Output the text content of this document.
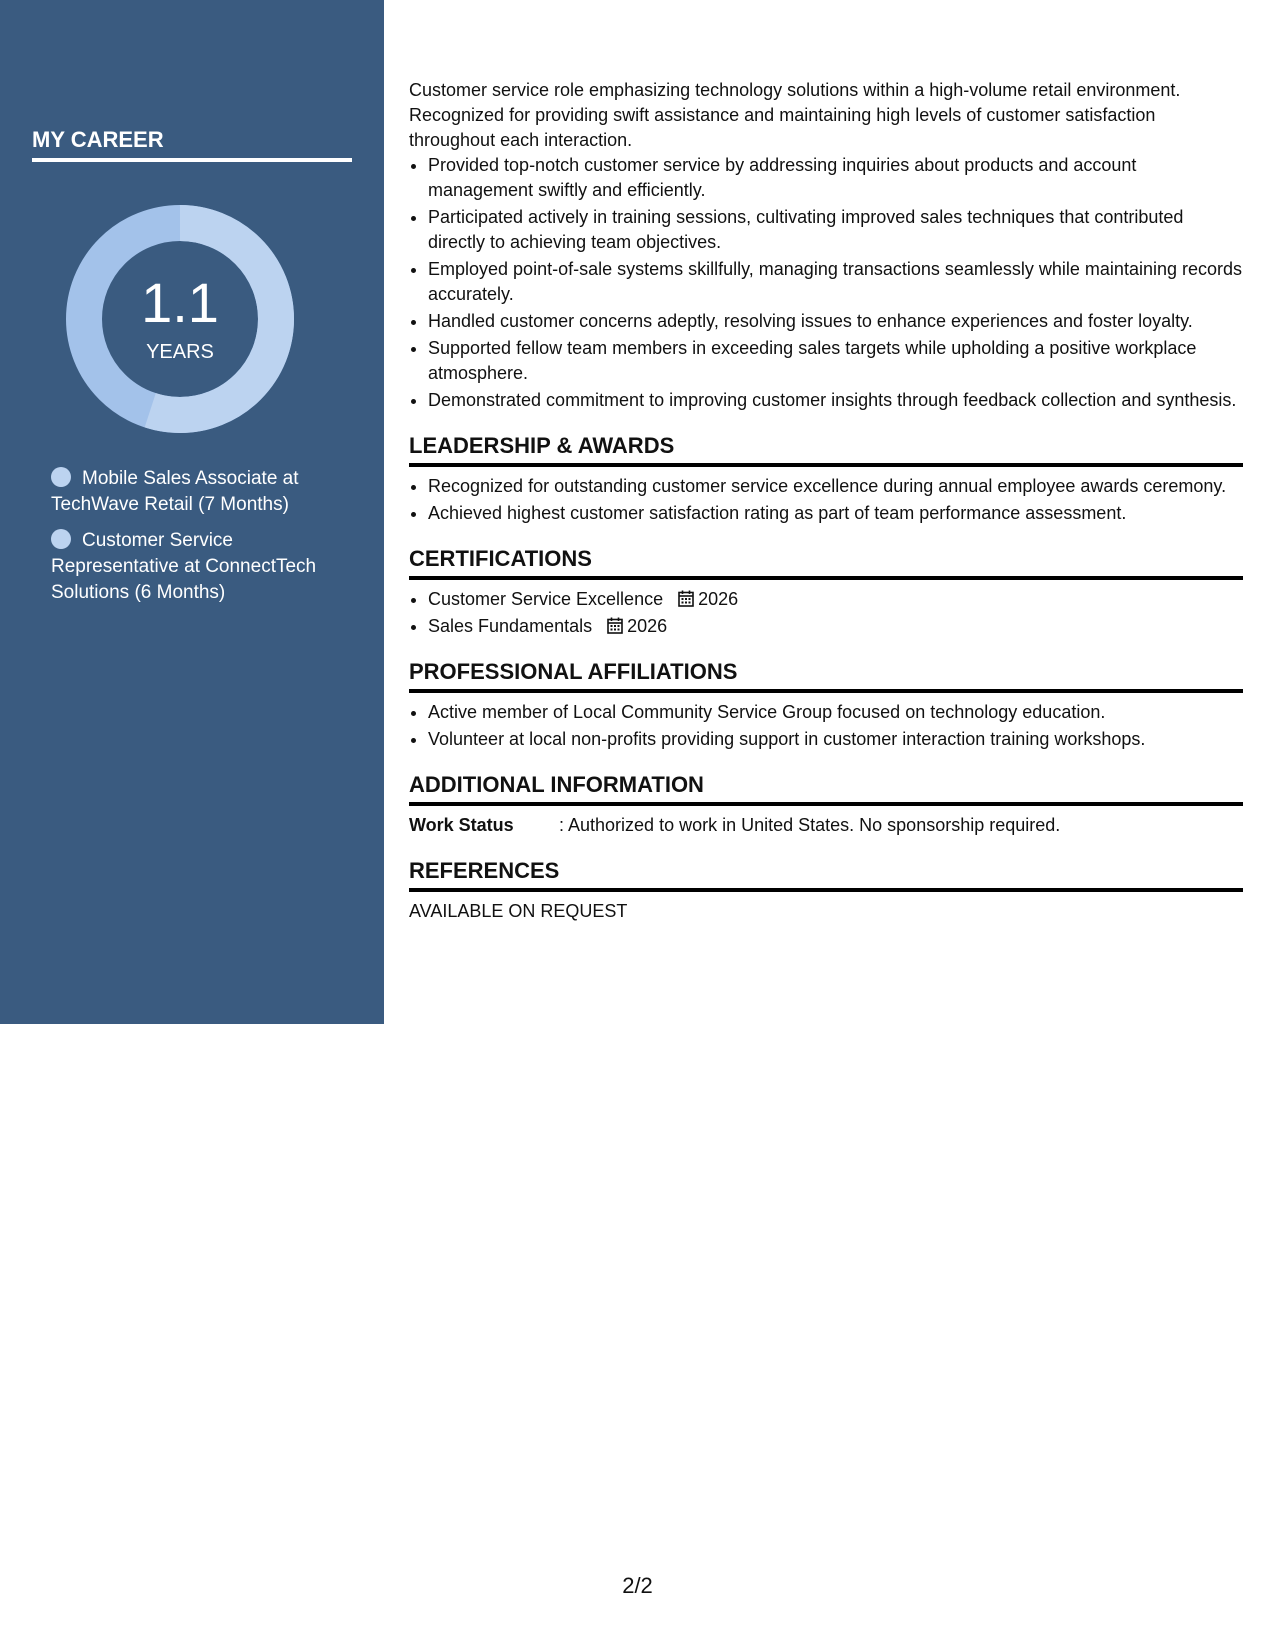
MY CAREER
1.1
YEARS
Mobile Sales Associate at TechWave Retail (7 Months)
Customer Service Representative at ConnectTech Solutions (6 Months)

Customer service role emphasizing technology solutions within a high-volume retail environment. Recognized for providing swift assistance and maintaining high levels of customer satisfaction throughout each interaction.

• Provided top-notch customer service by addressing inquiries about products and account management swiftly and efficiently.
• Participated actively in training sessions, cultivating improved sales techniques that contributed directly to achieving team objectives.
• Employed point-of-sale systems skillfully, managing transactions seamlessly while maintaining records accurately.
• Handled customer concerns adeptly, resolving issues to enhance experiences and foster loyalty.
• Supported fellow team members in exceeding sales targets while upholding a positive workplace atmosphere.
• Demonstrated commitment to improving customer insights through feedback collection and synthesis.
LEADERSHIP & AWARDS
• Recognized for outstanding customer service excellence during annual employee awards ceremony.
• Achieved highest customer satisfaction rating as part of team performance assessment.
CERTIFICATIONS
• Customer Service Excellence 2026
• Sales Fundamentals 2026
PROFESSIONAL AFFILIATIONS
• Active member of Local Community Service Group focused on technology education.
• Volunteer at local non-profits providing support in customer interaction training workshops.
ADDITIONAL INFORMATION
Work Status	: Authorized to work in United States. No sponsorship required.
REFERENCES

AVAILABLE ON REQUEST

2/2
